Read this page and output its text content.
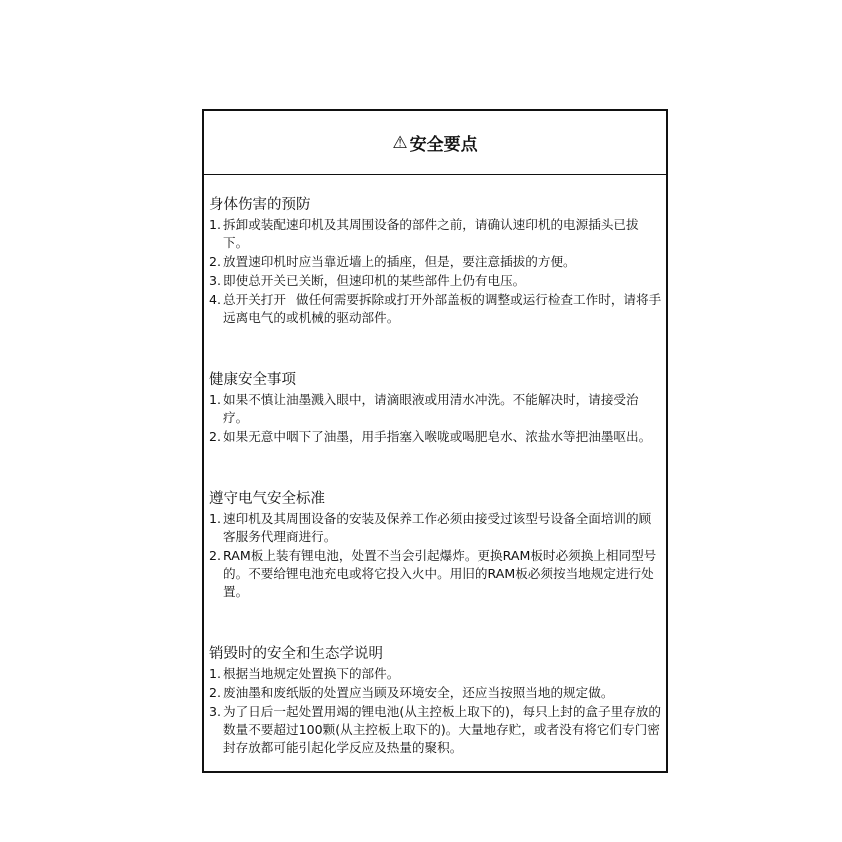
⚠ 安全要点
身体伤害的预防
1. 拆卸或装配速印机及其周围设备的部件之前，请确认速印机的电源插头已拔下。
2. 放置速印机时应当靠近墙上的插座，但是，要注意插拔的方便。
3. 即使总开关已关断，但速印机的某些部件上仍有电压。
4. 总开关打开 做任何需要拆除或打开外部盖板的调整或运行检查工作时，请将手远离电气的或机械的驱动部件。
健康安全事项
1. 如果不慎让油墨溅入眼中，请滴眼液或用清水冲洗。不能解决时，请接受治疗。
2. 如果无意中咽下了油墨，用手指塞入喉咙或喝肥皂水、浓盐水等把油墨呕出。
遵守电气安全标准
1. 速印机及其周围设备的安装及保养工作必须由接受过该型号设备全面培训的顾客服务代理商进行。
2. RAM板上装有锂电池，处置不当会引起爆炸。更换RAM板时必须换上相同型号的。不要给锂电池充电或将它投入火中。用旧的RAM板必须按当地规定进行处置。
销毁时的安全和生态学说明
1. 根据当地规定处置换下的部件。
2. 废油墨和废纸版的处置应当顾及环境安全，还应当按照当地的规定做。
3. 为了日后一起处置用竭的锂电池(从主控板上取下的)，每只上封的盒子里存放的数量不要超过100颗(从主控板上取下的)。大量地存贮，或者没有将它们专门密封存放都可能引起化学反应及热量的聚积。
